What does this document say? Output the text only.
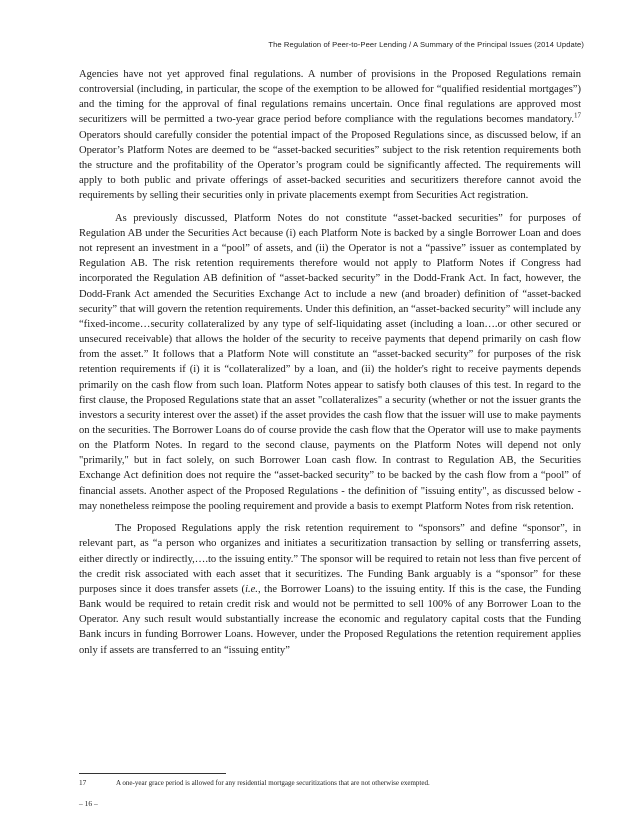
The Regulation of Peer-to-Peer Lending / A Summary of the Principal Issues (2014 Update)

Agencies have not yet approved final regulations. A number of provisions in the Proposed Regulations remain controversial (including, in particular, the scope of the exemption to be allowed for “qualified residential mortgages”) and the timing for the approval of final regulations remains uncertain. Once final regulations are approved most securitizers will be permitted a two-year grace period before compliance with the regulations becomes mandatory.$^{17}$ Operators should carefully consider the potential impact of the Proposed Regulations since, as discussed below, if an Operator’s Platform Notes are deemed to be “asset-backed securities” subject to the risk retention requirements both the structure and the profitability of the Operator’s program could be significantly affected. The requirements will apply to both public and private offerings of asset-backed securities and securitizers therefore cannot avoid the requirements by selling their securities only in private placements exempt from Securities Act registration.

As previously discussed, Platform Notes do not constitute “asset-backed securities” for purposes of Regulation AB under the Securities Act because (i) each Platform Note is backed by a single Borrower Loan and does not represent an investment in a “pool” of assets, and (ii) the Operator is not a “passive” issuer as contemplated by Regulation AB. The risk retention requirements therefore would not apply to Platform Notes if Congress had incorporated the Regulation AB definition of “asset-backed security” in the Dodd-Frank Act. In fact, however, the Dodd-Frank Act amended the Securities Exchange Act to include a new (and broader) definition of “asset-backed security” that will govern the retention requirements. Under this definition, an “asset-backed security” will include any “fixed-income…security collateralized by any type of self-liquidating asset (including a loan….or other secured or unsecured receivable) that allows the holder of the security to receive payments that depend primarily on cash flow from the asset.” It follows that a Platform Note will constitute an “asset-backed security” for purposes of the risk retention requirements if (i) it is “collateralized” by a loan, and (ii) the holder's right to receive payments depends primarily on the cash flow from such loan. Platform Notes appear to satisfy both clauses of this test. In regard to the first clause, the Proposed Regulations state that an asset "collateralizes" a security (whether or not the issuer grants the investors a security interest over the asset) if the asset provides the cash flow that the issuer will use to make payments on the securities. The Borrower Loans do of course provide the cash flow that the Operator will use to make payments on the Platform Notes. In regard to the second clause, payments on the Platform Notes will depend not only "primarily," but in fact solely, on such Borrower Loan cash flow. In contrast to Regulation AB, the Securities Exchange Act definition does not require the “asset-backed security” to be backed by the cash flow from a “pool” of financial assets. Another aspect of the Proposed Regulations - the definition of "issuing entity", as discussed below - may nonetheless reimpose the pooling requirement and provide a basis to exempt Platform Notes from risk retention.

The Proposed Regulations apply the risk retention requirement to “sponsors” and define “sponsor”, in relevant part, as “a person who organizes and initiates a securitization transaction by selling or transferring assets, either directly or indirectly,….to the issuing entity.” The sponsor will be required to retain not less than five percent of the credit risk associated with each asset that it securitizes. The Funding Bank arguably is a “sponsor” for these purposes since it does transfer assets (i.e., the Borrower Loans) to the issuing entity. If this is the case, the Funding Bank would be required to retain credit risk and would not be permitted to sell 100% of any Borrower Loan to the Operator. Any such result would substantially increase the economic and regulatory capital costs that the Funding Bank incurs in funding Borrower Loans. However, under the Proposed Regulations the retention requirement applies only if assets are transferred to an “issuing entity”

17	A one-year grace period is allowed for any residential mortgage securitizations that are not otherwise exempted.
– 16 –
